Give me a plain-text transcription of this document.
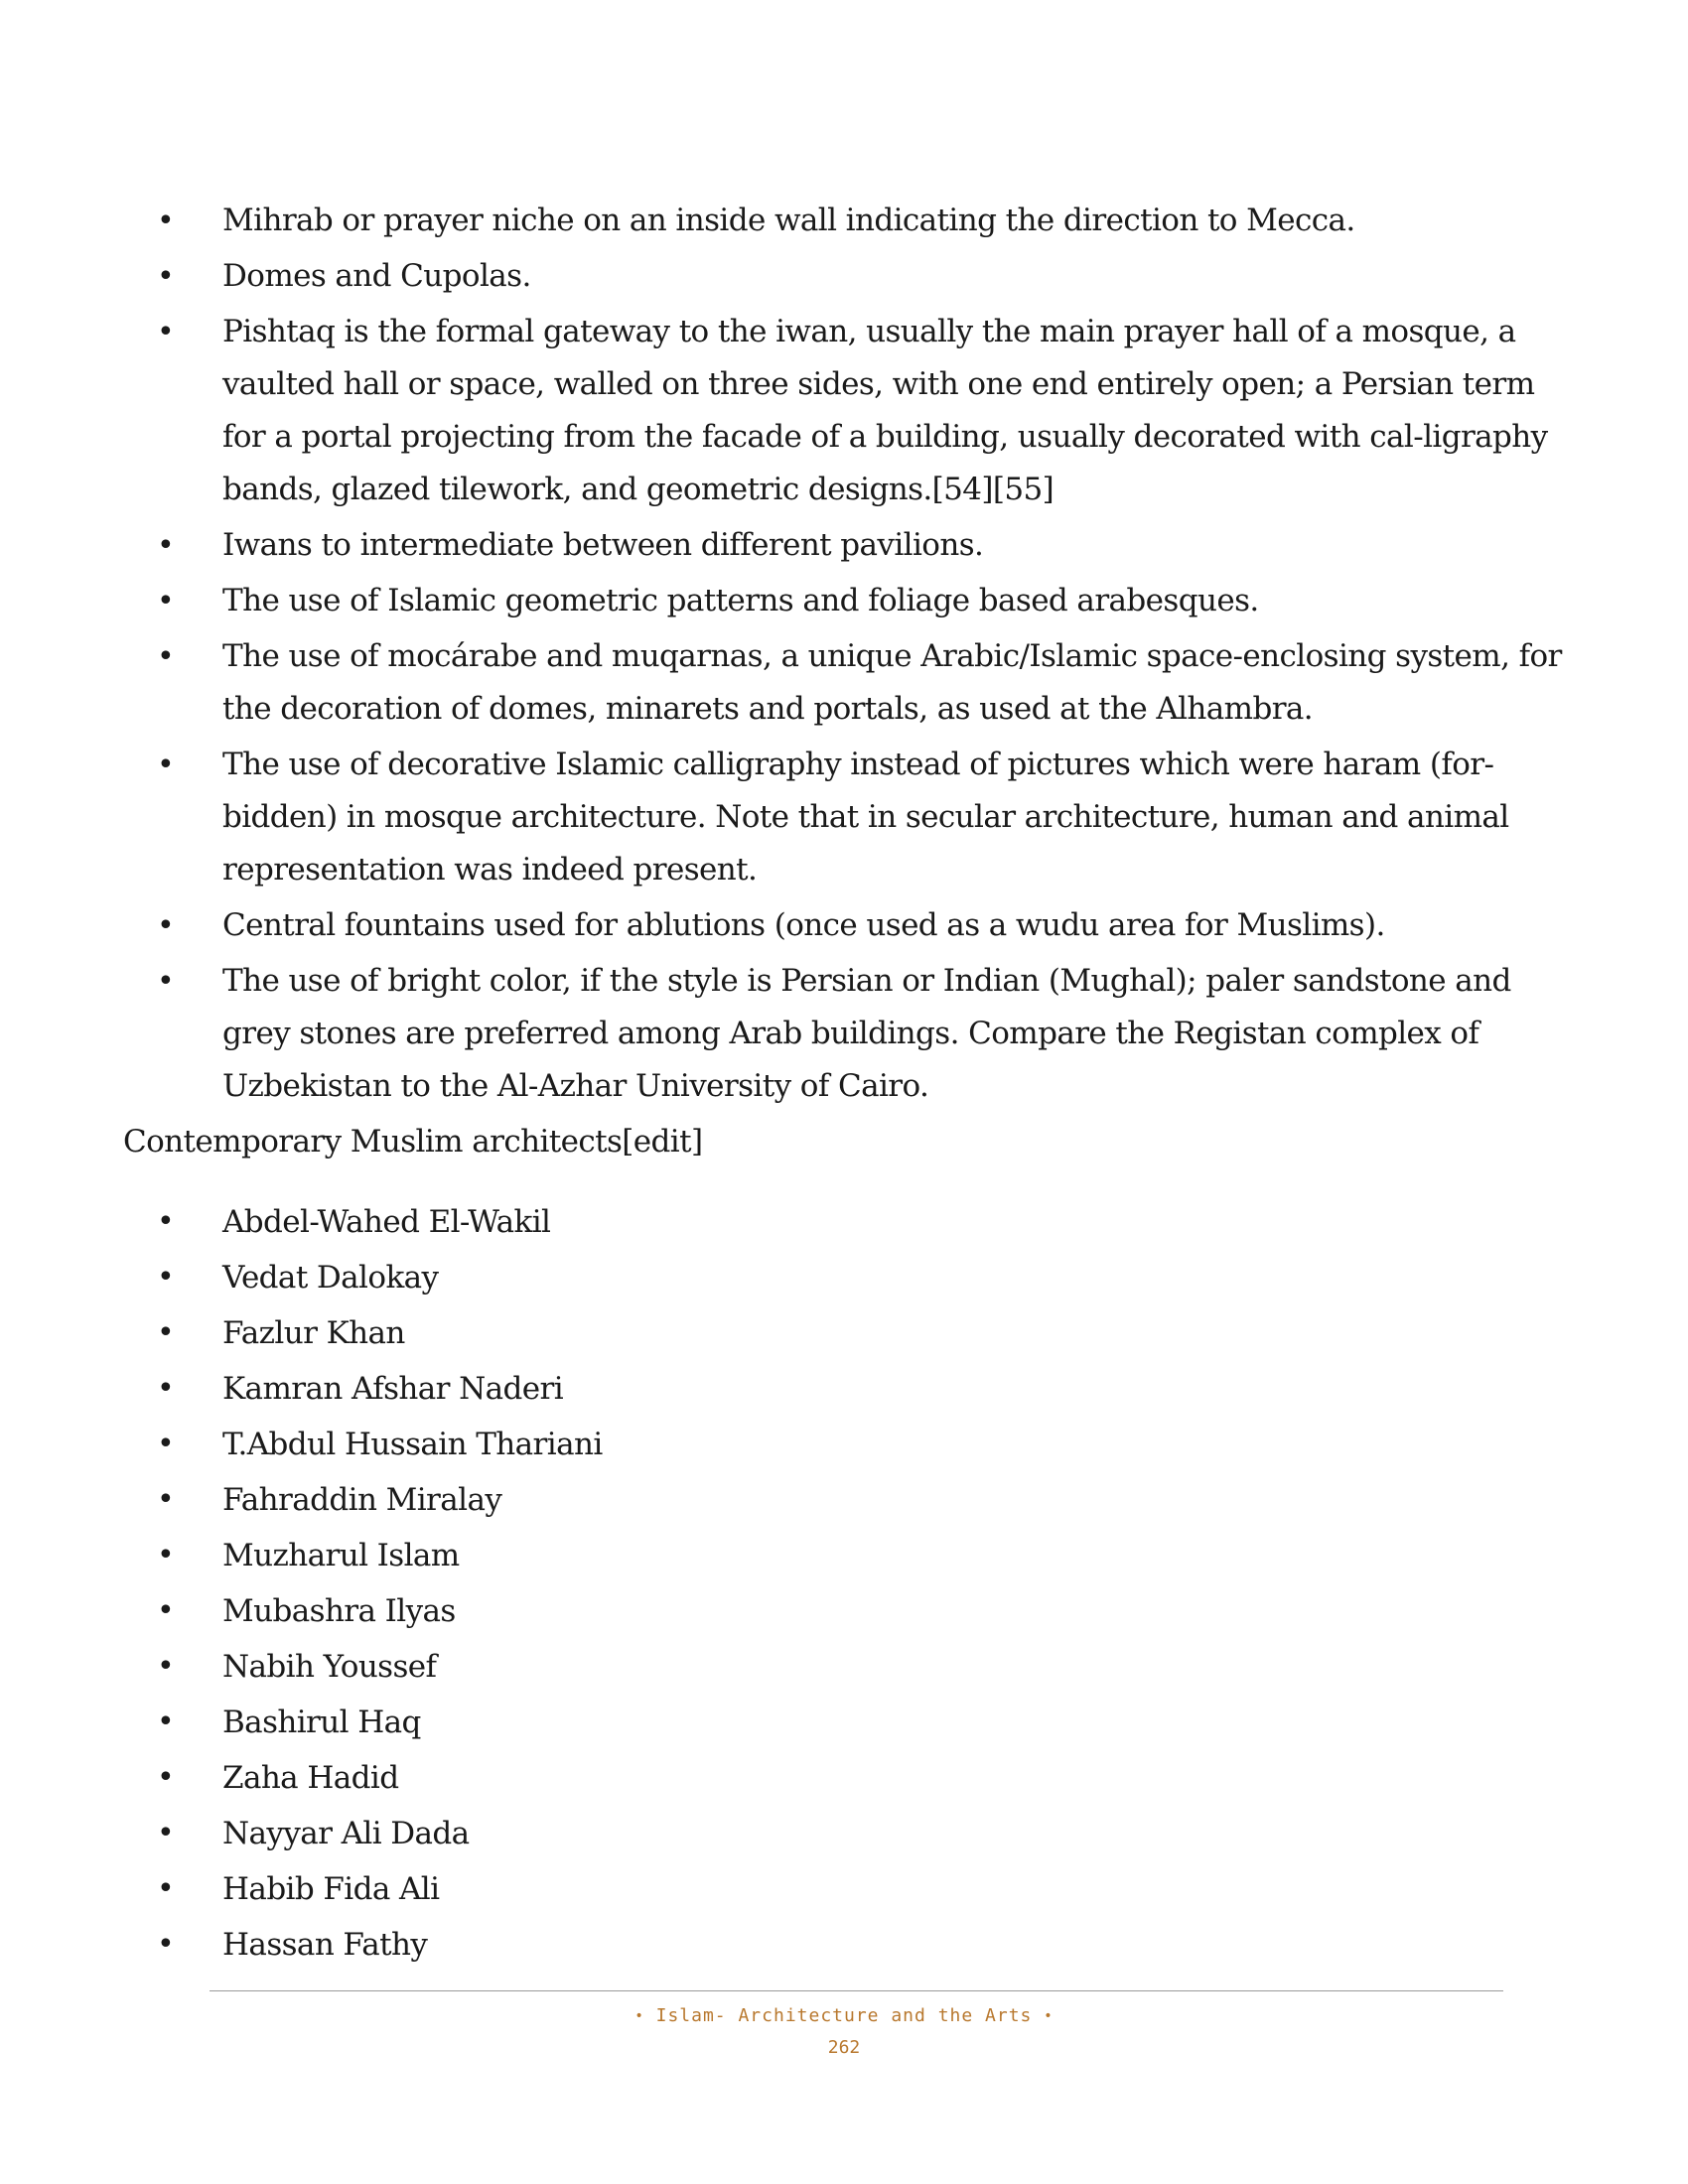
• Mihrab or prayer niche on an inside wall indicating the direction to Mecca.
• Domes and Cupolas.
• Pishtaq is the formal gateway to the iwan, usually the main prayer hall of a mosque, a vaulted hall or space, walled on three sides, with one end entirely open; a Persian term for a portal projecting from the facade of a building, usually decorated with cal-ligraphy bands, glazed tilework, and geometric designs.[54][55]
• Iwans to intermediate between different pavilions.
• The use of Islamic geometric patterns and foliage based arabesques.
• The use of mocárabe and muqarnas, a unique Arabic/Islamic space-enclosing system, for the decoration of domes, minarets and portals, as used at the Alhambra.
• The use of decorative Islamic calligraphy instead of pictures which were haram (for-bidden) in mosque architecture. Note that in secular architecture, human and animal representation was indeed present.
• Central fountains used for ablutions (once used as a wudu area for Muslims).
• The use of bright color, if the style is Persian or Indian (Mughal); paler sandstone and grey stones are preferred among Arab buildings. Compare the Registan complex of Uzbekistan to the Al-Azhar University of Cairo.
Contemporary Muslim architects[edit]
• Abdel-Wahed El-Wakil
• Vedat Dalokay
• Fazlur Khan
• Kamran Afshar Naderi
• T.Abdul Hussain Thariani
• Fahraddin Miralay
• Muzharul Islam
• Mubashra Ilyas
• Nabih Youssef
• Bashirul Haq
• Zaha Hadid
• Nayyar Ali Dada
• Habib Fida Ali
• Hassan Fathy
• Islam- Architecture and the Arts •
262
